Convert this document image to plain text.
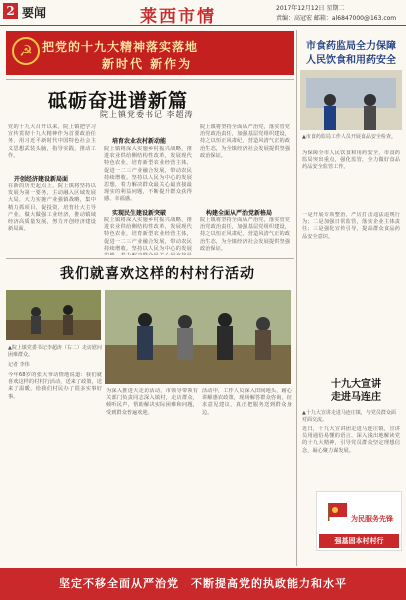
2 要闻	莱西市情	2017年12月12日 星期二
责编：高冠宏 邮箱：al6847000@163.com
☭ 把党的十九大精神落实落地
新时代 新作为
市食药监局全力保障
人民饮食和用药安全
砥砺奋进谱新篇
院上镇党委书记 李超涛
党的十九大召开以来，院上镇把学习宣传贯彻十九大精神作为首要政治任务，用习近平新时代中国特色社会主义思想武装头脑，指导实践，推动工作。
开创经济建设新局面
在新的历史起点上，院上镇将坚持以发展为第一要务，主动融入区域发展大局，大力实施产业强镇战略，集中精力抓项目、促投资，培育壮大主导产业，做大做强工业经济，推动镇域经济高质量发展，努力开创经济建设新局面。
培育农业农村新动能
院上镇将深入实施乡村振兴战略，推进农业供给侧结构性改革，发展现代特色农业，培育新型农业经营主体，促进一二三产业融合发展，带动农民持续增收。坚持以人民为中心的发展思想，着力解决群众最关心最直接最现实的利益问题，不断提升群众获得感、幸福感。
实现民生建设新突破
院上镇将深入实施乡村振兴战略，推进农业供给侧结构性改革，发展现代特色农业，培育新型农业经营主体，促进一二三产业融合发展，带动农民持续增收。坚持以人民为中心的发展
院上镇将坚持全面从严治党，落实管党治党政治责任，加强基层党组织建设，持之以恒正风肃纪，营造风清气正的政治生态，为全镇经济社会发展提供坚强政治保证。
构建全面从严治党新格局
院上镇将坚持全面从严治党，落实管党治党政治责任，加强基层党组织建设，持之以恒正风肃纪，营造风清气正的政治生态，为全镇经济社会发展提供坚强政治保证。
我们就喜欢这样的村村行活动
▲院上镇党委书记李超涛（右二）走访慰问困难群众。
记者 李伟
今年68岁的张大爷动情地说道：我们就喜欢这样的村村行活动，送来了政策，送来了温暖，给我们村民办了很多实事好事。
为深入推进大走访活动，市领导带领有关部门负责同志深入镇村，走访群众，倾听民声，帮助解决实际困难和问题，受到群众普遍欢迎。
活动中，工作人员深入田间地头，耐心讲解惠农政策，现场解答群众咨询，征求意见建议，真正把服务送到群众身边。
▲市食药监局工作人员开展食品安全检查。
为保障全市人民饮食和用药安全，市食药监局突出重点，强化监管，全力做好食品药品安全监管工作。
一是开展专项整治，严厉打击违法违规行为；二是加强日常监管，落实企业主体责任；三是强化宣传引导，提高群众食品药品安全意识。
十九大宣讲
走进马连庄
▲十九大宣讲走进马连庄镇，与党员群众面对面交流。
近日，十九大宣讲团走进马连庄镇，宣讲员用通俗易懂的语言，深入浅出地解读党的十九大精神，引导党员群众坚定理想信念，凝心聚力谋发展。
为民服务先锋
强基固本村村行
坚定不移全面从严治党　不断提高党的执政能力和水平
